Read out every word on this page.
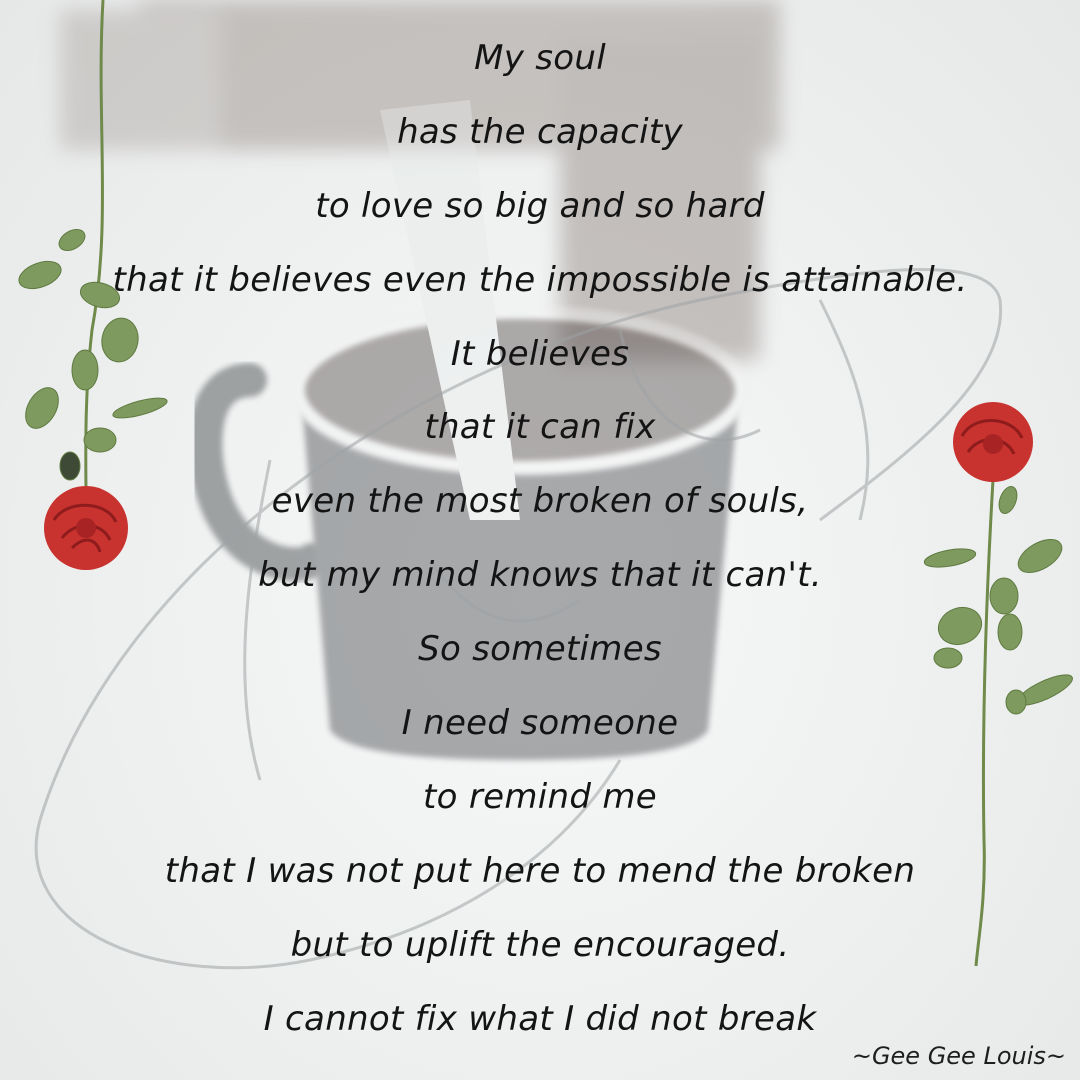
My soul
has the capacity
to love so big and so hard
that it believes even the impossible is attainable.
It believes
that it can fix
even the most broken of souls,
but my mind knows that it can't.
So sometimes
I need someone
to remind me
that I was not put here to mend the broken
but to uplift the encouraged.
I cannot fix what I did not break
~Gee Gee Louis~
